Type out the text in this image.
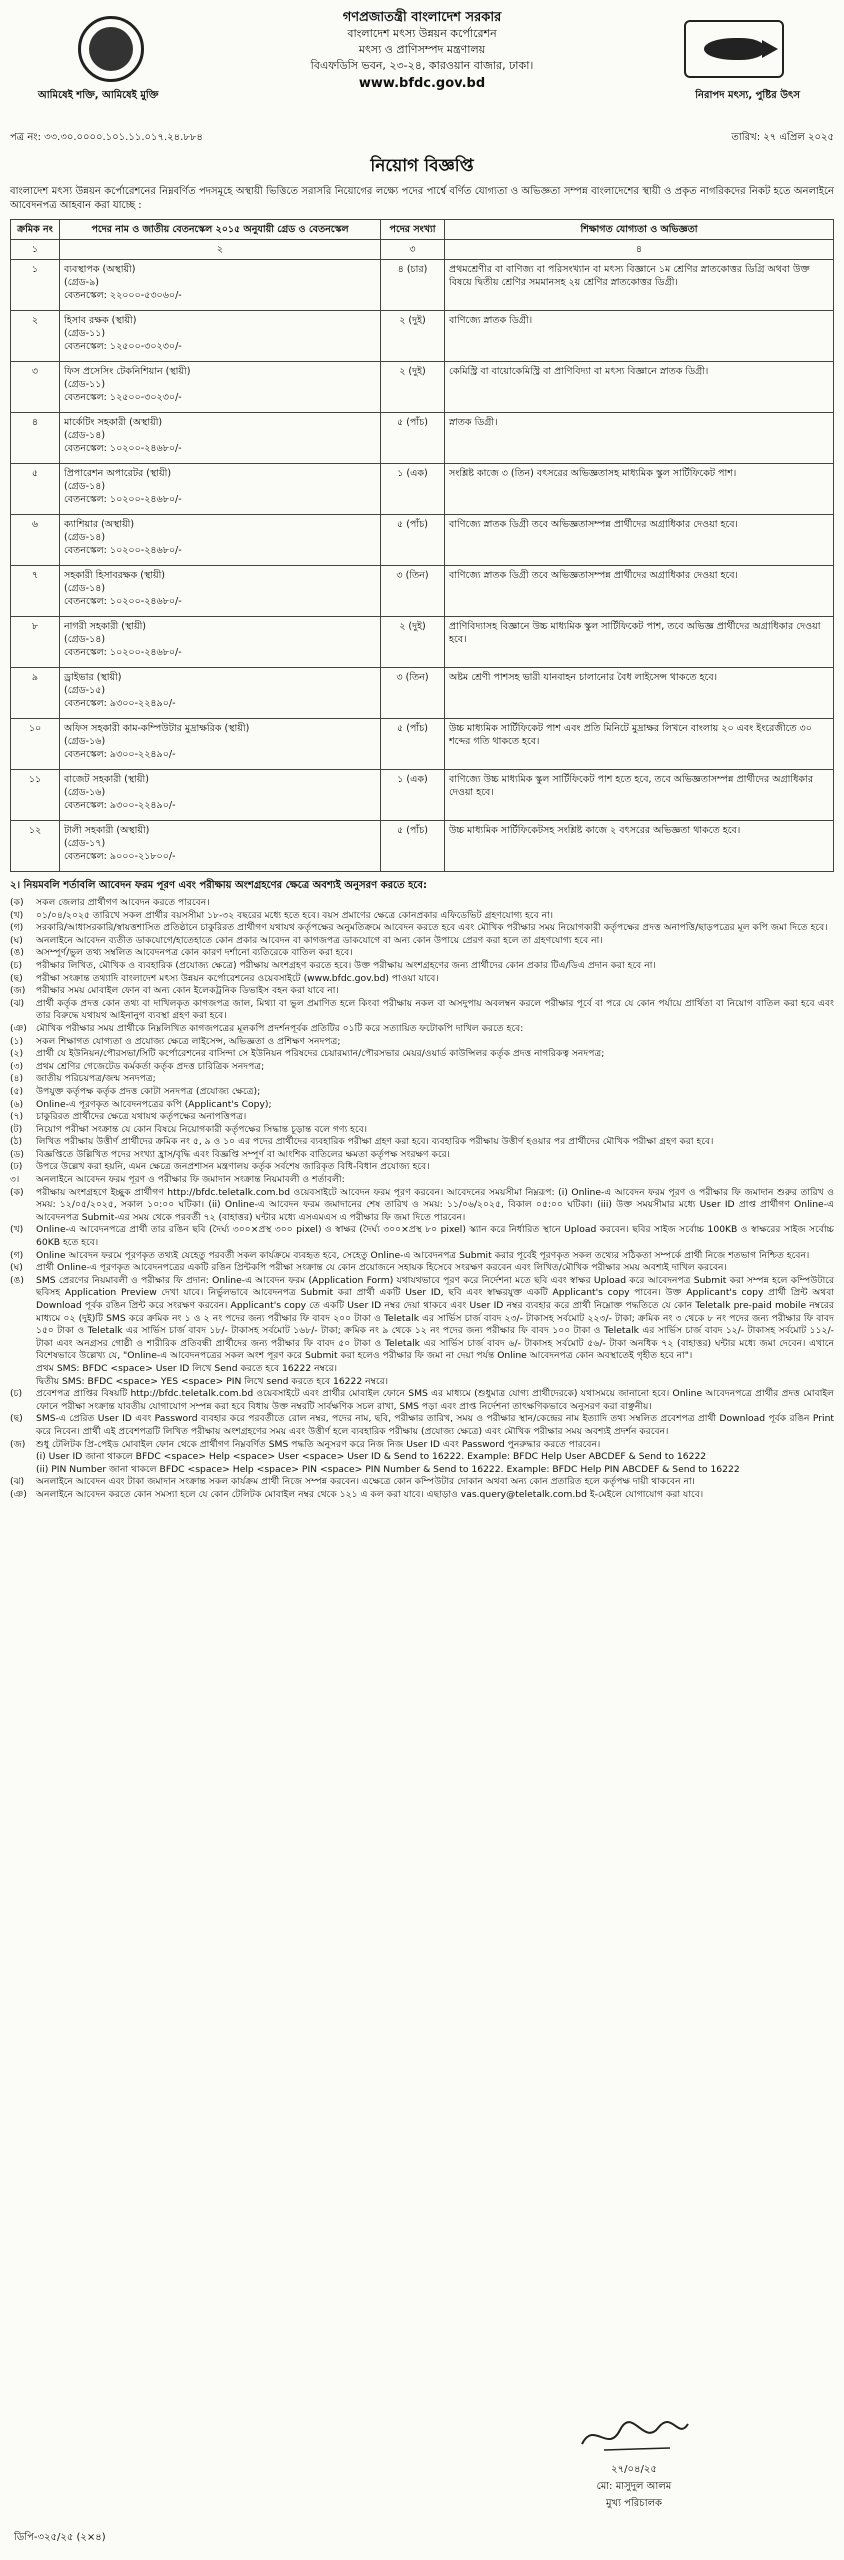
আমিষেই শক্তি, আমিষেই মুক্তি
গণপ্রজাতন্ত্রী বাংলাদেশ সরকার
বাংলাদেশ মৎস্য উন্নয়ন কর্পোরেশন
মৎস্য ও প্রাণিসম্পদ মন্ত্রণালয়
বিএফডিসি ভবন, ২৩-২৪, কারওয়ান বাজার, ঢাকা।
www.bfdc.gov.bd
নিরাপদ মৎস্য, পুষ্টির উৎস
পত্র নং: ৩৩.৩০.০০০০.১০১.১১.০১৭.২৪.৮৮৪	তারিখ: ২৭ এপ্রিল ২০২৫
নিয়োগ বিজ্ঞপ্তি
বাংলাদেশ মৎস্য উন্নয়ন কর্পোরেশনের নিম্নবর্ণিত পদসমূহে অস্থায়ী ভিত্তিতে সরাসরি নিয়োগের লক্ষ্যে পদের পার্শ্বে বর্ণিত যোগ্যতা ও অভিজ্ঞতা সম্পন্ন বাংলাদেশের স্থায়ী ও প্রকৃত নাগরিকদের নিকট হতে অনলাইনে আবেদনপত্র আহবান করা যাচ্ছে :
ক্রমিক নং	পদের নাম ও জাতীয় বেতনস্কেল ২০১৫ অনুযায়ী গ্রেড ও বেতনস্কেল	পদের সংখ্যা	শিক্ষাগত যোগ্যতা ও অভিজ্ঞতা
১	২	৩	৪
১	ব্যবস্থাপক (অস্থায়ী)
(গ্রেড-৯)
বেতনস্কেল: ২২০০০-৫৩০৬০/-	৪ (চার)	প্রথমশ্রেণীর বা বাণিজ্য বা পরিসংখ্যান বা মৎস্য বিজ্ঞানে ১ম শ্রেণির স্নাতকোত্তর ডিগ্রি অথবা উক্ত বিষয়ে দ্বিতীয় শ্রেণির সমমানসহ ২য় শ্রেণির স্নাতকোত্তর ডিগ্রী।
২	হিসাব রক্ষক (স্থায়ী)
(গ্রেড-১১)
বেতনস্কেল: ১২৫০০-৩০২৩০/-	২ (দুই)	বাণিজ্যে স্নাতক ডিগ্রী।
৩	ফিস প্রসেসিং টেকনিশিয়ান (স্থায়ী)
(গ্রেড-১১)
বেতনস্কেল: ১২৫০০-৩০২৩০/-	২ (দুই)	কেমিস্ট্রি বা বায়োকেমিস্ট্রি বা প্রাণিবিদ্যা বা মৎস্য বিজ্ঞানে স্নাতক ডিগ্রী।
৪	মার্কেটিং সহকারী (অস্থায়ী)
(গ্রেড-১৪)
বেতনস্কেল: ১০২০০-২৪৬৮০/-	৫ (পাঁচ)	স্নাতক ডিগ্রী।
৫	প্রিপারেশন অপারেটর (স্থায়ী)
(গ্রেড-১৪)
বেতনস্কেল: ১০২০০-২৪৬৮০/-	১ (এক)	সংশ্লিষ্ট কাজে ৩ (তিন) বৎসরের অভিজ্ঞতাসহ মাধ্যমিক স্কুল সার্টিফিকেট পাশ।
৬	ক্যাশিয়ার (অস্থায়ী)
(গ্রেড-১৪)
বেতনস্কেল: ১০২০০-২৪৬৮০/-	৫ (পাঁচ)	বাণিজ্যে স্নাতক ডিগ্রী তবে অভিজ্ঞতাসম্পন্ন প্রার্থীদের অগ্রাধিকার দেওয়া হবে।
৭	সহকারী হিসাবরক্ষক (স্থায়ী)
(গ্রেড-১৪)
বেতনস্কেল: ১০২০০-২৪৬৮০/-	৩ (তিন)	বাণিজ্যে স্নাতক ডিগ্রী তবে অভিজ্ঞতাসম্পন্ন প্রার্থীদের অগ্রাধিকার দেওয়া হবে।
৮	নাগরী সহকারী (স্থায়ী)
(গ্রেড-১৪)
বেতনস্কেল: ১০২০০-২৪৬৮০/-	২ (দুই)	প্রাণিবিদ্যাসহ বিজ্ঞানে উচ্চ মাধ্যমিক স্কুল সার্টিফিকেট পাশ, তবে অভিজ্ঞ প্রার্থীদের অগ্রাধিকার দেওয়া হবে।
৯	ড্রাইভার (স্থায়ী)
(গ্রেড-১৫)
বেতনস্কেল: ৯৩০০-২২৪৯০/-	৩ (তিন)	অষ্টম শ্রেণী পাশসহ ভারী যানবাহন চালানোর বৈধ লাইসেন্স থাকতে হবে।
১০	অফিস সহকারী কাম-কম্পিউটার মুদ্রাক্ষরিক (স্থায়ী)
(গ্রেড-১৬)
বেতনস্কেল: ৯৩০০-২২৪৯০/-	৫ (পাঁচ)	উচ্চ মাধ্যমিক সার্টিফিকেট পাশ এবং প্রতি মিনিটে মুদ্রাক্ষর লিখনে বাংলায় ২০ এবং ইংরেজীতে ৩০ শব্দের গতি থাকতে হবে।
১১	বাজেট সহকারী (স্থায়ী)
(গ্রেড-১৬)
বেতনস্কেল: ৯৩০০-২২৪৯০/-	১ (এক)	বাণিজ্যে উচ্চ মাধ্যমিক স্কুল সার্টিফিকেট পাশ হতে হবে, তবে অভিজ্ঞতাসম্পন্ন প্রার্থীদের অগ্রাধিকার দেওয়া হবে।
১২	টালী সহকারী (অস্থায়ী)
(গ্রেড-১৭)
বেতনস্কেল: ৯০০০-২১৮০০/-	৫ (পাঁচ)	উচ্চ মাধ্যমিক সার্টিফিকেটসহ সংশ্লিষ্ট কাজে ২ বৎসরের অভিজ্ঞতা থাকতে হবে।
২। নিয়মবলি শর্তাবলি আবেদন ফরম পূরণ এবং পরীক্ষায় অংশগ্রহণের ক্ষেত্রে অবশ্যই অনুসরণ করতে হবে:
(ক)	সকল জেলার প্রার্থীগণ আবেদন করতে পারবেন।
(খ)	০১/০৪/২০২৫ তারিখে সকল প্রার্থীর বয়সসীমা ১৮-৩২ বছরের মধ্যে হতে হবে। বয়স প্রমাণের ক্ষেত্রে কোনপ্রকার এফিডেভিট গ্রহণযোগ্য হবে না।
(গ)	সরকারি/আধাসরকারি/স্বায়ত্তশাসিত প্রতিষ্ঠানে চাকুরিরত প্রার্থীগণ যথাযথ কর্তৃপক্ষের অনুমতিক্রমে আবেদন করতে হবে এবং মৌখিক পরীক্ষার সময় নিয়োগকারী কর্তৃপক্ষের প্রদত্ত অনাপত্তি/ছাড়পত্রের মূল কপি জমা দিতে হবে।
(ঘ)	অনলাইনে আবেদন ব্যতীত ডাকযোগে/হাতেহাতে কোন প্রকার আবেদন বা কাগজপত্র ডাকযোগে বা অন্য কোন উপায়ে প্রেরণ করা হলে তা গ্রহণযোগ্য হবে না।
(ঙ)	অসম্পূর্ণ/ভুল তথ্য সম্বলিত আবেদনপত্র কোন কারণ দর্শানো ব্যতিরেকে বাতিল করা হবে।
(চ)	পরীক্ষার লিখিত, মৌখিক ও ব্যবহারিক (প্রযোজ্য ক্ষেত্রে) পরীক্ষায় অংশগ্রহণ করতে হবে। উক্ত পরীক্ষায় অংশগ্রহণের জন্য প্রার্থীদের কোন প্রকার টিএ/ডিএ প্রদান করা হবে না।
(ছ)	পরীক্ষা সংক্রান্ত তথ্যাদি বাংলাদেশ মৎস্য উন্নয়ন কর্পোরেশনের ওয়েবসাইটে (www.bfdc.gov.bd) পাওয়া যাবে।
(জ)	পরীক্ষার সময় মোবাইল ফোন বা অন্য কোন ইলেকট্রনিক ডিভাইস বহন করা যাবে না।
(ঝ)	প্রার্থী কর্তৃক প্রদত্ত কোন তথ্য বা দাখিলকৃত কাগজপত্র জাল, মিথ্যা বা ভুল প্রমাণিত হলে কিংবা পরীক্ষায় নকল বা অসদুপায় অবলম্বন করলে পরীক্ষার পূর্বে বা পরে যে কোন পর্যায়ে প্রার্থিতা বা নিয়োগ বাতিল করা হবে এবং তার বিরুদ্ধে যথাযথ আইনানুগ ব্যবস্থা গ্রহণ করা হবে।
(ঞ) মৌখিক পরীক্ষার সময় প্রার্থীকে নিম্নলিখিত কাগজপত্রের মূলকপি প্রদর্শনপূর্বক প্রতিটির ০১টি করে সত্যায়িত ফটোকপি দাখিল করতে হবে:
(১)	সকল শিক্ষাগত যোগ্যতা ও প্রযোজ্য ক্ষেত্রে লাইসেন্স, অভিজ্ঞতা ও প্রশিক্ষণ সনদপত্র;
(২)	প্রার্থী যে ইউনিয়ন/পৌরসভা/সিটি কর্পোরেশনের বাসিন্দা সে ইউনিয়ন পরিষদের চেয়ারম্যান/পৌরসভার মেয়র/ওয়ার্ড কাউন্সিলর কর্তৃক প্রদত্ত নাগরিকত্ব সনদপত্র;
(৩)	প্রথম শ্রেণির গেজেটেড কর্মকর্তা কর্তৃক প্রদত্ত চারিত্রিক সনদপত্র;
(৪)	জাতীয় পরিচয়পত্র/জন্ম সনদপত্র;
(৫)	উপযুক্ত কর্তৃপক্ষ কর্তৃক প্রদত্ত কোটা সনদপত্র (প্রযোজ্য ক্ষেত্রে);
(৬)	Online-এ পূরণকৃত আবেদনপত্রের কপি (Applicant's Copy);
(৭)	চাকুরিরত প্রার্থীদের ক্ষেত্রে যথাযথ কর্তৃপক্ষের অনাপত্তিপত্র।
(ট)	নিয়োগ পরীক্ষা সংক্রান্ত যে কোন বিষয়ে নিয়োগকারী কর্তৃপক্ষের সিদ্ধান্ত চূড়ান্ত বলে গণ্য হবে।
(ঠ)	লিখিত পরীক্ষায় উত্তীর্ণ প্রার্থীদের ক্রমিক নং ৫, ৯ ও ১০ এর পদের প্রার্থীদের ব্যবহারিক পরীক্ষা গ্রহণ করা হবে। ব্যবহারিক পরীক্ষায় উত্তীর্ণ হওয়ার পর প্রার্থীদের মৌখিক পরীক্ষা গ্রহণ করা হবে।
(ড)	বিজ্ঞপ্তিতে উল্লিখিত পদের সংখ্যা হ্রাস/বৃদ্ধি এবং বিজ্ঞপ্তি সম্পূর্ণ বা আংশিক বাতিলের ক্ষমতা কর্তৃপক্ষ সংরক্ষণ করে।
(ঢ)	উপরে উল্লেখ করা হয়নি, এমন ক্ষেত্রে জনপ্রশাসন মন্ত্রণালয় কর্তৃক সর্বশেষ জারিকৃত বিধি-বিধান প্রযোজ্য হবে।
৩।	অনলাইনে আবেদন ফরম পূরণ ও পরীক্ষার ফি জমাদান সংক্রান্ত নিয়মাবলী ও শর্তাবলী:
(ক)	পরীক্ষায় অংশগ্রহণে ইচ্ছুক প্রার্থীগণ http://bfdc.teletalk.com.bd ওয়েবসাইটে আবেদন ফরম পূরণ করবেন। আবেদনের সময়সীমা নিম্নরূপ: (i) Online-এ আবেদন ফরম পূরণ ও পরীক্ষার ফি জমাদান শুরুর তারিখ ও সময়: ১২/০৫/২০২৫, সকাল ১০:০০ ঘটিকা। (ii) Online-এ আবেদন ফরম জমাদানের শেষ তারিখ ও সময়: ১১/০৬/২০২৫, বিকাল ০৫:০০ ঘটিকা। (iii) উক্ত সময়সীমার মধ্যে User ID প্রাপ্ত প্রার্থীগণ Online-এ আবেদনপত্র Submit-এর সময় থেকে পরবর্তী ৭২ (বাহাত্তর) ঘন্টার মধ্যে এসএমএস এ পরীক্ষার ফি জমা দিতে পারবেন।
(খ)	Online-এ আবেদনপত্রে প্রার্থী তার রঙিন ছবি (দৈর্ঘ্য ৩০০×প্রস্থ ৩০০ pixel) ও স্বাক্ষর (দৈর্ঘ্য ৩০০×প্রস্থ ৮০ pixel) স্ক্যান করে নির্ধারিত স্থানে Upload করবেন। ছবির সাইজ সর্বোচ্চ 100KB ও স্বাক্ষরের সাইজ সর্বোচ্চ 60KB হতে হবে।
(গ)	Online আবেদন ফরমে পূরণকৃত তথ্যই যেহেতু পরবর্তী সকল কার্যক্রমে ব্যবহৃত হবে, সেহেতু Online-এ আবেদনপত্র Submit করার পূর্বেই পূরণকৃত সকল তথ্যের সঠিকতা সম্পর্কে প্রার্থী নিজে শতভাগ নিশ্চিত হবেন।
(ঘ)	প্রার্থী Online-এ পূরণকৃত আবেদনপত্রের একটি রঙিন প্রিন্টকপি পরীক্ষা সংক্রান্ত যে কোন প্রয়োজনে সহায়ক হিসেবে সংরক্ষণ করবেন এবং লিখিত/মৌখিক পরীক্ষার সময় অবশ্যই দাখিল করবেন।
(ঙ)	SMS প্রেরণের নিয়মাবলী ও পরীক্ষার ফি প্রদান: Online-এ আবেদন ফরম (Application Form) যথাযথভাবে পূরণ করে নির্দেশনা মতে ছবি এবং স্বাক্ষর Upload করে আবেদনপত্র Submit করা সম্পন্ন হলে কম্পিউটারে ছবিসহ Application Preview দেখা যাবে। নির্ভুলভাবে আবেদনপত্র Submit করা প্রার্থী একটি User ID, ছবি এবং স্বাক্ষরযুক্ত একটি Applicant's copy পাবেন। উক্ত Applicant's copy প্রার্থী প্রিন্ট অথবা Download পূর্বক রঙিন প্রিন্ট করে সংরক্ষণ করবেন। Applicant's copy তে একটি User ID নম্বর দেয়া থাকবে এবং User ID নম্বর ব্যবহার করে প্রার্থী নিম্নোক্ত পদ্ধতিতে যে কোন Teletalk pre-paid mobile নম্বরের মাধ্যমে ০২ (দুই)টি SMS করে ক্রমিক নং ১ ও ২ নং পদের জন্য পরীক্ষার ফি বাবদ ২০০ টাকা ও Teletalk এর সার্ভিস চার্জ বাবদ ২৩/- টাকাসহ সর্বমোট ২২৩/- টাকা; ক্রমিক নং ৩ থেকে ৮ নং পদের জন্য পরীক্ষার ফি বাবদ ১৫০ টাকা ও Teletalk এর সার্ভিস চার্জ বাবদ ১৮/- টাকাসহ সর্বমোট ১৬৮/- টাকা; ক্রমিক নং ৯ থেকে ১২ নং পদের জন্য পরীক্ষার ফি বাবদ ১০০ টাকা ও Teletalk এর সার্ভিস চার্জ বাবদ ১২/- টাকাসহ সর্বমোট ১১২/- টাকা এবং অনগ্রসর গোষ্ঠী ও শারীরিক প্রতিবন্ধী প্রার্থীদের জন্য পরীক্ষার ফি বাবদ ৫০ টাকা ও Teletalk এর সার্ভিস চার্জ বাবদ ৬/- টাকাসহ সর্বমোট ৫৬/- টাকা অনধিক ৭২ (বাহাত্তর) ঘন্টার মধ্যে জমা দেবেন। এখানে বিশেষভাবে উল্লেখ্য যে, "Online-এ আবেদনপত্রের সকল অংশ পূরণ করে Submit করা হলেও পরীক্ষার ফি জমা না দেয়া পর্যন্ত Online আবেদনপত্র কোন অবস্থাতেই গৃহীত হবে না"।
প্রথম SMS: BFDC <space> User ID লিখে Send করতে হবে 16222 নম্বরে।
দ্বিতীয় SMS: BFDC <space> YES <space> PIN লিখে send করতে হবে 16222 নম্বরে।
(চ)	প্রবেশপত্র প্রাপ্তির বিষয়টি http://bfdc.teletalk.com.bd ওয়েবসাইটে এবং প্রার্থীর মোবাইল ফোনে SMS এর মাধ্যমে (শুধুমাত্র যোগ্য প্রার্থীদেরকে) যথাসময়ে জানানো হবে। Online আবেদনপত্রে প্রার্থীর প্রদত্ত মোবাইল ফোনে পরীক্ষা সংক্রান্ত যাবতীয় যোগাযোগ সম্পন্ন করা হবে বিধায় উক্ত নম্বরটি সার্বক্ষণিক সচল রাখা, SMS পড়া এবং প্রাপ্ত নির্দেশনা তাৎক্ষণিকভাবে অনুসরণ করা বাঞ্ছনীয়।
(ছ)	SMS-এ প্রেরিত User ID এবং Password ব্যবহার করে পরবর্তীতে রোল নম্বর, পদের নাম, ছবি, পরীক্ষার তারিখ, সময় ও পরীক্ষার স্থান/কেন্দ্রের নাম ইত্যাদি তথ্য সম্বলিত প্রবেশপত্র প্রার্থী Download পূর্বক রঙিন Print করে নিবেন। প্রার্থী এই প্রবেশপত্রটি লিখিত পরীক্ষায় অংশগ্রহণের সময় এবং উত্তীর্ণ হলে ব্যবহারিক পরীক্ষায় (প্রযোজ্য ক্ষেত্রে) এবং মৌখিক পরীক্ষার সময় অবশ্যই প্রদর্শন করবেন।
(জ)	শুধু টেলিটক প্রি-পেইড মোবাইল ফোন থেকে প্রার্থীগণ নিম্নবর্ণিত SMS পদ্ধতি অনুসরণ করে নিজ নিজ User ID এবং Password পুনরুদ্ধার করতে পারবেন।
(i) User ID জানা থাকলে BFDC <space> Help <space> User <space> User ID & Send to 16222. Example: BFDC Help User ABCDEF & Send to 16222
(ii) PIN Number জানা থাকলে BFDC <space> Help <space> PIN <space> PIN Number & Send to 16222. Example: BFDC Help PIN ABCDEF & Send to 16222
(ঝ)	অনলাইনে আবেদন এবং টাকা জমাদান সংক্রান্ত সকল কার্যক্রম প্রার্থী নিজে সম্পন্ন করবেন। এক্ষেত্রে কোন কম্পিউটার দোকান অথবা অন্য কোন প্রতারিত হলে কর্তৃপক্ষ দায়ী থাকবেন না।
(ঞ) অনলাইনে আবেদন করতে কোন সমস্যা হলে যে কোন টেলিটক মোবাইল নম্বর থেকে ১২১ এ কল করা যাবে। এছাড়াও vas.query@teletalk.com.bd ই-মেইলে যোগাযোগ করা যাবে।
২৭/০৪/২৫
মো: মাসুদুল আলম
মুখ্য পরিচালক
ডিপি-৩২৫/২৫ (২×৪)
